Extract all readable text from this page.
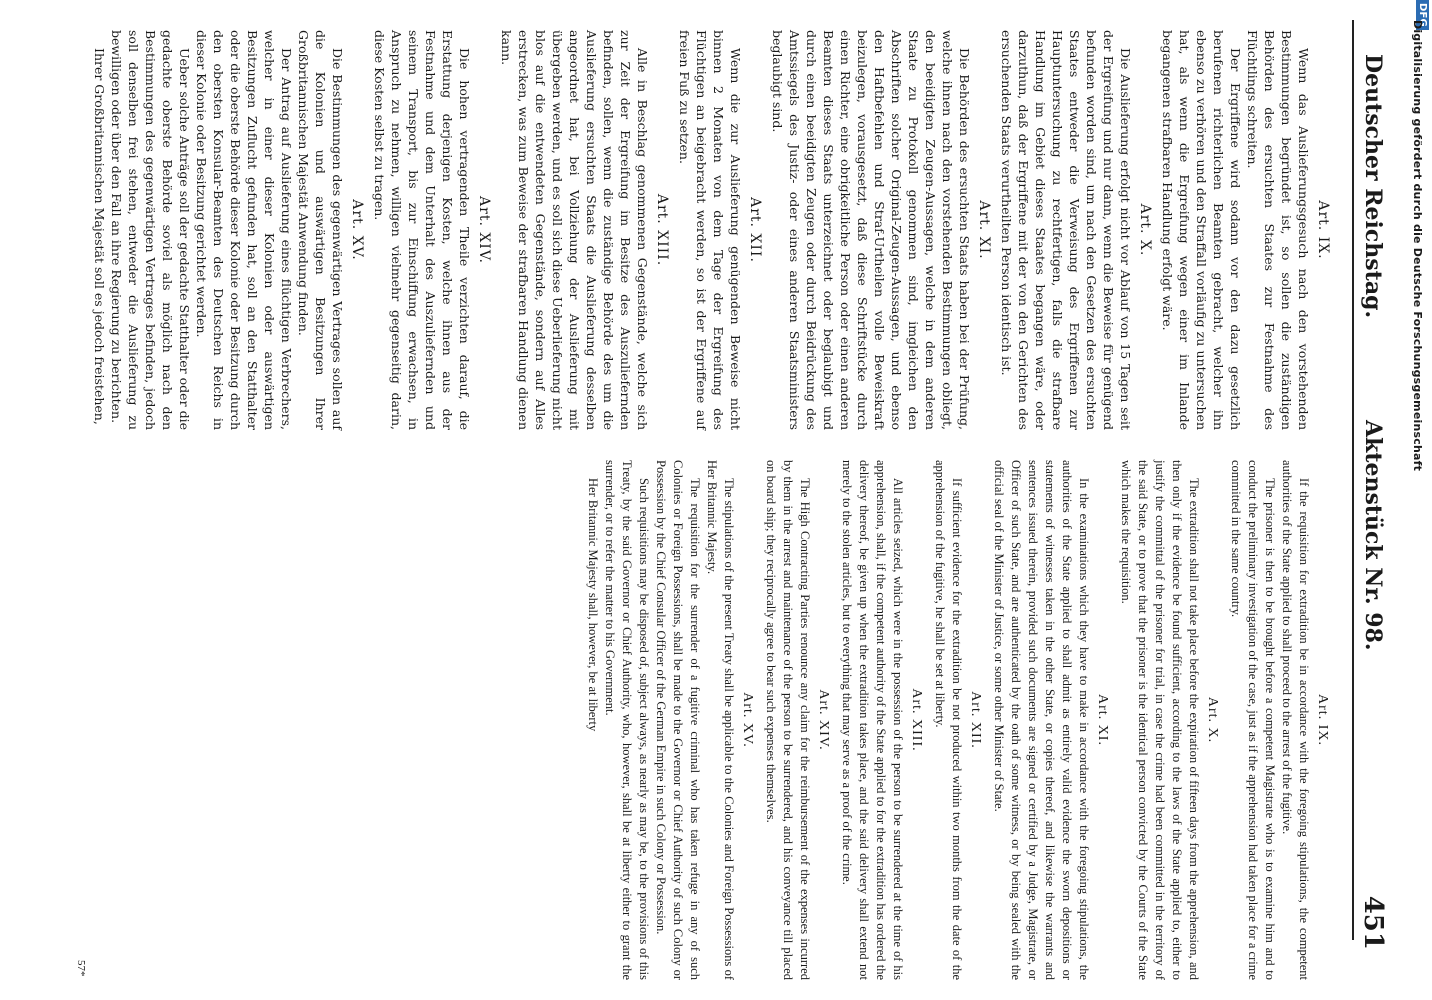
DFG
Digitalisierung gefördert durch die Deutsche Forschungsgemeinschaft
Deutscher Reichstag.
Aktenstück Nr. 98.
451
Art. IX.

Wenn das Auslieferungsgesuch nach den vorstehenden Bestimmungen begründet ist, so sollen die zuständigen Behörden des ersuchten Staates zur Festnahme des Flüchtlings schreiten.

Der Ergriffene wird sodann vor den dazu gesetzlich berufenen richterlichen Beamten gebracht, welcher ihn ebenso zu verhören und den Straffall vorläufig zu untersuchen hat, als wenn die Ergreifung wegen einer im Inlande begangenen strafbaren Handlung erfolgt wäre.

Art. X.

Die Auslieferung erfolgt nicht vor Ablauf von 15 Tagen seit der Ergreifung und nur dann, wenn die Beweise für genügend befunden worden sind, um nach den Gesetzen des ersuchten Staates entweder die Verweisung des Ergriffenen zur Hauptuntersuchung zu rechtfertigen, falls die strafbare Handlung im Gebiet dieses Staates begangen wäre, oder darzuthun, daß der Ergriffene mit der von den Gerichten des ersuchenden Staats verurtheilten Person identisch ist.

Art. XI.

Die Behörden des ersuchten Staats haben bei der Prüfung, welche ihnen nach den vorstehenden Bestimmungen obliegt, den beeidigten Zeugen-Aussagen, welche in dem anderen Staate zu Protokoll genommen sind, imgleichen den Abschriften solcher Original-Zeugen-Aussagen, und ebenso den Haftbefehlen und Straf-Urtheilen volle Beweiskraft beizulegen, vorausgesetzt, daß diese Schriftstücke durch einen Richter, eine obrigkeitliche Person oder einen anderen Beamten dieses Staats unterzeichnet oder beglaubigt und durch einen beeidigten Zeugen oder durch Beidrückung des Amtssiegels des Justiz- oder eines anderen Staatsministers beglaubigt sind.

Art. XII.

Wenn die zur Auslieferung genügenden Beweise nicht binnen 2 Monaten von dem Tage der Ergreifung des Flüchtigen an beigebracht werden, so ist der Ergriffene auf freien Fuß zu setzen.

Art. XIII.

Alle in Beschlag genommenen Gegenstände, welche sich zur Zeit der Ergreifung im Besitze des Auszuliefernden befinden, sollen, wenn die zuständige Behörde des um die Auslieferung ersuchten Staats die Auslieferung desselben angeordnet hat, bei Vollziehung der Auslieferung mit übergeben werden, und es soll sich diese Ueberlieferung nicht blos auf die entwendeten Gegenstände, sondern auf Alles erstrecken, was zum Beweise der strafbaren Handlung dienen kann.

Art. XIV.

Die hohen vertragenden Theile verzichten darauf, die Erstattung derjenigen Kosten, welche ihnen aus der Festnahme und dem Unterhalt des Auszuliefernden und seinem Transport, bis zur Einschiffung erwachsen, in Anspruch zu nehmen, willigen vielmehr gegenseitig darin, diese Kosten selbst zu tragen.

Art. XV.

Die Bestimmungen des gegenwärtigen Vertrages sollen auf die Kolonien und auswärtigen Besitzungen Ihrer Großbritannischen Majestät Anwendung finden.

Der Antrag auf Auslieferung eines flüchtigen Verbrechers, welcher in einer dieser Kolonien oder auswärtigen Besitzungen Zuflucht gefunden hat, soll an den Statthalter oder die oberste Behörde dieser Kolonie oder Besitzung durch den obersten Konsular-Beamten des Deutschen Reichs in dieser Kolonie oder Besitzung gerichtet werden.

Ueber solche Anträge soll der gedachte Statthalter oder die gedachte oberste Behörde soviel als möglich nach den Bestimmungen des gegenwärtigen Vertrages befinden, jedoch soll denselben frei stehen, entweder die Auslieferung zu bewilligen oder über den Fall an ihre Regierung zu berichten.

Ihrer Großbritannischen Majestät soll es jedoch freistehen,

Art. IX.

If the requisition for extradition be in accordance with the foregoing stipulations, the competent authorities of the State applied to shall proceed to the arrest of the fugitive.

The prisoner is then to be brought before a competent Magistrate who is to examine him and to conduct the preliminary investigation of the case, just as if the apprehension had taken place for a crime committed in the same country.

Art. X.

The extradition shall not take place before the expiration of fifteen days from the apprehension, and then only if the evidence be found sufficient, according to the laws of the State applied to, either to justify the committal of the prisoner for trial, in case the crime had been committed in the territory of the said State, or to prove that the prisoner is the identical person convicted by the Courts of the State which makes the requisition.

Art. XI.

In the examinations which they have to make in accordance with the foregoing stipulations, the authorities of the State applied to shall admit as entirely valid evidence the sworn depositions or statements of witnesses taken in the other State, or copies thereof, and likewise the warrants and sentences issued therein, provided such documents are signed or certified by a Judge, Magistrate, or Officer of such State, and are authenticated by the oath of some witness, or by being sealed with the official seal of the Minister of Justice, or some other Minister of State.

Art. XII.

If sufficient evidence for the extradition be not produced within two months from the date of the apprehension of the fugitive, he shall be set at liberty.

Art. XIII.

All articles seized, which were in the possession of the person to be surrendered at the time of his apprehension, shall, if the competent authority of the State applied to for the extradition has ordered the delivery thereof, be given up when the extradition takes place, and the said delivery shall extend not merely to the stolen articles, but to everything that may serve as a proof of the crime.

Art. XIV.

The High Contracting Parties renounce any claim for the reimbursement of the expenses incurred by them in the arrest and maintenance of the person to be surrendered, and his conveyance till placed on board ship; they reciprocally agree to bear such expenses themselves.

Art. XV.

The stipulations of the present Treaty shall be applicable to the Colonies and Foreign Possessions of Her Britannic Majesty.

The requisition for the surrender of a fugitive criminal who has taken refuge in any of such Colonies or Foreign Possessions, shall be made to the Governor or Chief Authority of such Colony or Possession by the Chief Consular Officer of the German Empire in such Colony or Possession.

Such requisitions may be disposed of, subject always, as nearly as may be, to the provisions of this Treaty, by the said Governor or Chief Authority, who, however, shall be at liberty either to grant the surrender, or to refer the matter to his Government.

Her Britannic Majesty shall, however, be at liberty

57*
